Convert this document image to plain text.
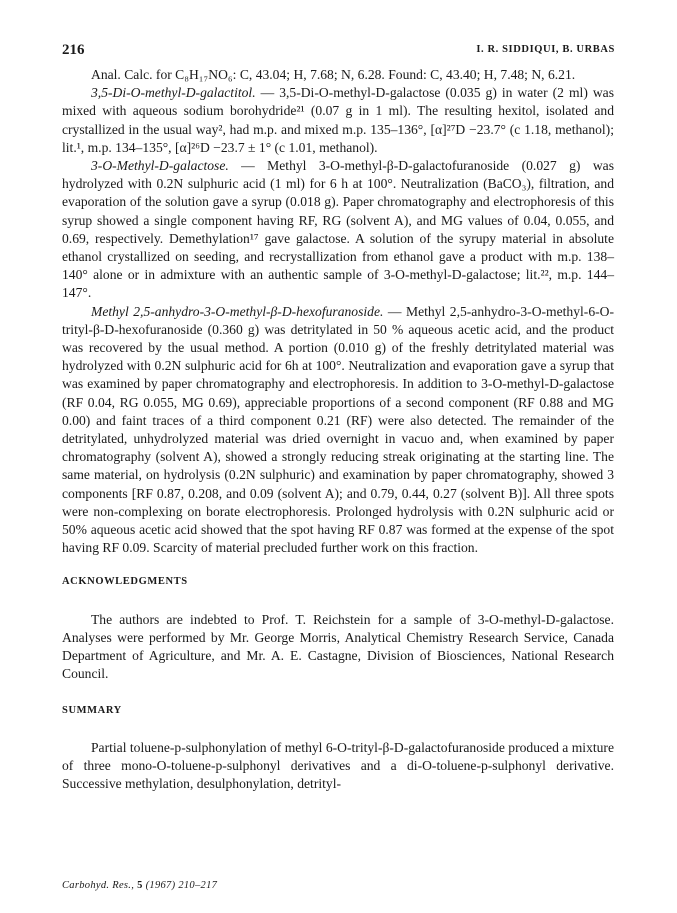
216	I. R. SIDDIQUI, B. URBAS

Anal. Calc. for C₈H₁₇NO₆: C, 43.04; H, 7.68; N, 6.28. Found: C, 43.40; H, 7.48; N, 6.21.

3,5-Di-O-methyl-D-galactitol. — 3,5-Di-O-methyl-D-galactose (0.035 g) in water (2 ml) was mixed with aqueous sodium borohydride²¹ (0.07 g in 1 ml). The resulting hexitol, isolated and crystallized in the usual way², had m.p. and mixed m.p. 135–136°, [α]²⁷D −23.7° (c 1.18, methanol); lit.¹, m.p. 134–135°, [α]²⁶D −23.7 ± 1° (c 1.01, methanol).

3-O-Methyl-D-galactose. — Methyl 3-O-methyl-β-D-galactofuranoside (0.027 g) was hydrolyzed with 0.2N sulphuric acid (1 ml) for 6 h at 100°. Neutralization (BaCO₃), filtration, and evaporation of the solution gave a syrup (0.018 g). Paper chromatography and electrophoresis of this syrup showed a single component having RF, RG (solvent A), and MG values of 0.04, 0.055, and 0.69, respectively. Demethylation¹⁷ gave galactose. A solution of the syrupy material in absolute ethanol crystallized on seeding, and recrystallization from ethanol gave a product with m.p. 138–140° alone or in admixture with an authentic sample of 3-O-methyl-D-galactose; lit.²², m.p. 144–147°.

Methyl 2,5-anhydro-3-O-methyl-β-D-hexofuranoside. — Methyl 2,5-anhydro-3-O-methyl-6-O-trityl-β-D-hexofuranoside (0.360 g) was detritylated in 50 % aqueous acetic acid, and the product was recovered by the usual method. A portion (0.010 g) of the freshly detritylated material was hydrolyzed with 0.2N sulphuric acid for 6h at 100°. Neutralization and evaporation gave a syrup that was examined by paper chromatography and electrophoresis. In addition to 3-O-methyl-D-galactose (RF 0.04, RG 0.055, MG 0.69), appreciable proportions of a second component (RF 0.88 and MG 0.00) and faint traces of a third component 0.21 (RF) were also detected. The remainder of the detritylated, unhydrolyzed material was dried overnight in vacuo and, when examined by paper chromatography (solvent A), showed a strongly reducing streak originating at the starting line. The same material, on hydrolysis (0.2N sulphuric) and examination by paper chromatography, showed 3 components [RF 0.87, 0.208, and 0.09 (solvent A); and 0.79, 0.44, 0.27 (solvent B)]. All three spots were non-complexing on borate electrophoresis. Prolonged hydrolysis with 0.2N sulphuric acid or 50% aqueous acetic acid showed that the spot having RF 0.87 was formed at the expense of the spot having RF 0.09. Scarcity of material precluded further work on this fraction.

ACKNOWLEDGMENTS

The authors are indebted to Prof. T. Reichstein for a sample of 3-O-methyl-D-galactose. Analyses were performed by Mr. George Morris, Analytical Chemistry Research Service, Canada Department of Agriculture, and Mr. A. E. Castagne, Division of Biosciences, National Research Council.

SUMMARY

Partial toluene-p-sulphonylation of methyl 6-O-trityl-β-D-galactofuranoside produced a mixture of three mono-O-toluene-p-sulphonyl derivatives and a di-O-toluene-p-sulphonyl derivative. Successive methylation, desulphonylation, detrityl-

Carbohyd. Res., 5 (1967) 210–217
